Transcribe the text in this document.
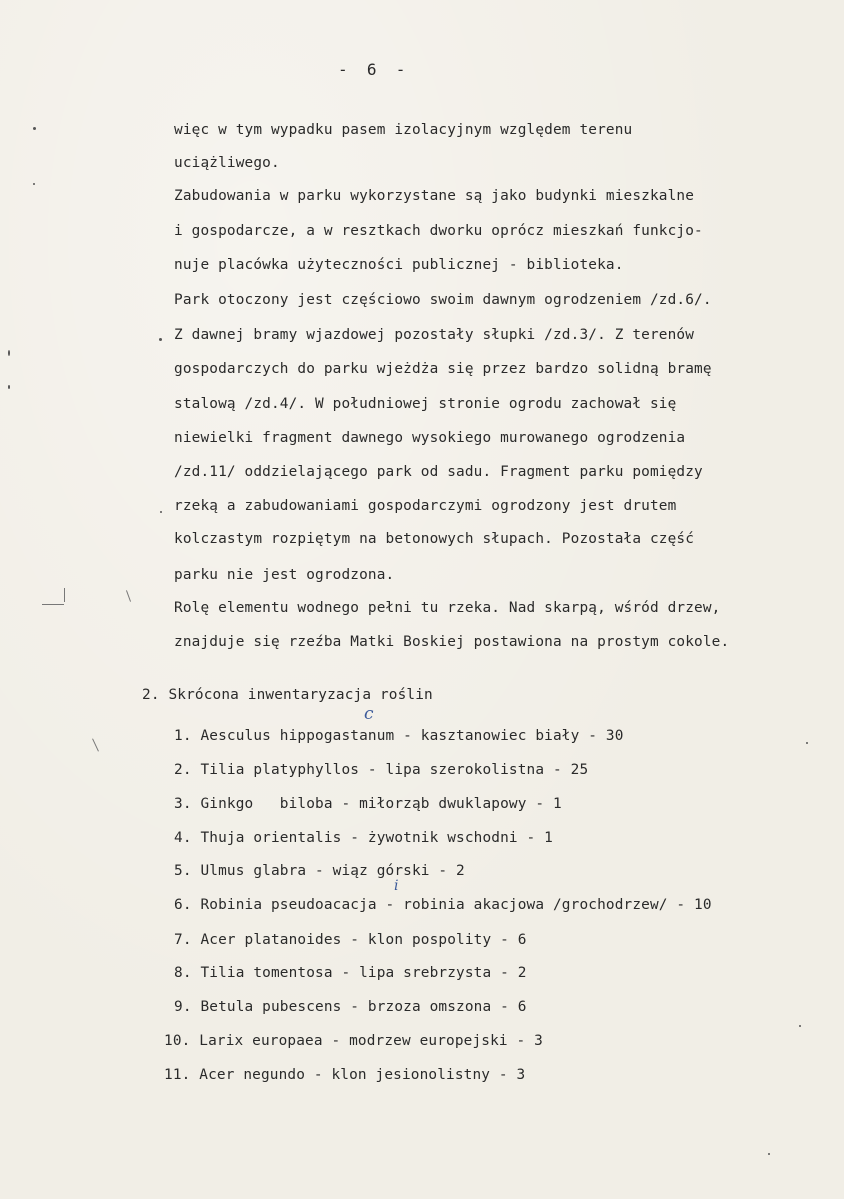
-  6  -
więc w tym wypadku pasem izolacyjnym względem terenu
uciążliwego.
Zabudowania w parku wykorzystane są jako budynki mieszkalne
i gospodarcze, a w resztkach dworku oprócz mieszkań funkcjo-
nuje placówka użyteczności publicznej - biblioteka.
Park otoczony jest częściowo swoim dawnym ogrodzeniem /zd.6/.
Z dawnej bramy wjazdowej pozostały słupki /zd.3/. Z terenów
gospodarczych do parku wjeżdża się przez bardzo solidną bramę
stalową /zd.4/. W południowej stronie ogrodu zachował się
niewielki fragment dawnego wysokiego murowanego ogrodzenia
/zd.11/ oddzielającego park od sadu. Fragment parku pomiędzy
rzeką a zabudowaniami gospodarczymi ogrodzony jest drutem
kolczastym rozpiętym na betonowych słupach. Pozostała część
parku nie jest ogrodzona.
Rolę elementu wodnego pełni tu rzeka. Nad skarpą, wśród drzew,
znajduje się rzeźba Matki Boskiej postawiona na prostym cokole.
2. Skrócona inwentaryzacja roślin
1. Aesculus hippogastanum - kasztanowiec biały - 30
2. Tilia platyphyllos - lipa szerokolistna - 25
3. Ginkgo   biloba - miłorząb dwuklapowy - 1
4. Thuja orientalis - żywotnik wschodni - 1
5. Ulmus glabra - wiąz górski - 2
6. Robinia pseudoacacja - robinia akacjowa /grochodrzew/ - 10
7. Acer platanoides - klon pospolity - 6
8. Tilia tomentosa - lipa srebrzysta - 2
9. Betula pubescens - brzoza omszona - 6
10. Larix europaea - modrzew europejski - 3
11. Acer negundo - klon jesionolistny - 3
c
i
